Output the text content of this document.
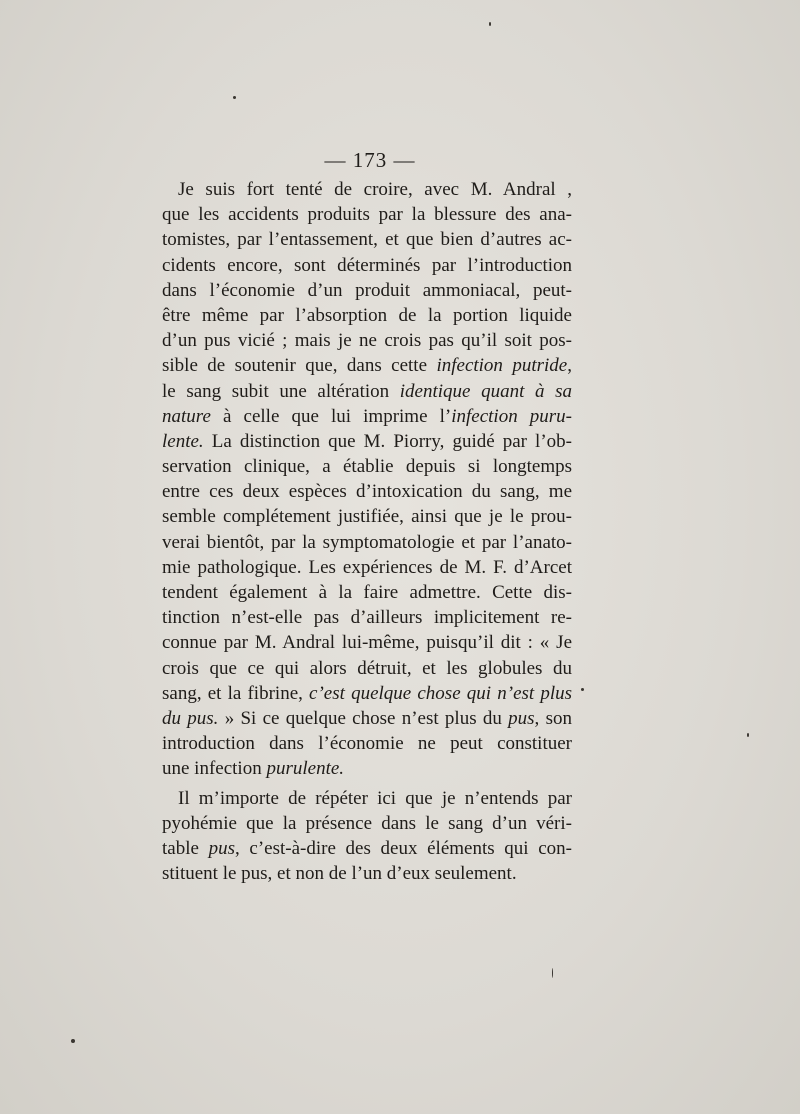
— 173 —
Je suis fort tenté de croire, avec M. Andral ,
que les accidents produits par la blessure des ana-
tomistes, par l’entassement, et que bien d’autres ac-
cidents encore, sont déterminés par l’introduction
dans l’économie d’un produit ammoniacal, peut-
être même par l’absorption de la portion liquide
d’un pus vicié ; mais je ne crois pas qu’il soit pos-
sible de soutenir que, dans cette infection putride,
le sang subit une altération identique quant à sa
nature à celle que lui imprime l’infection puru-
lente. La distinction que M. Piorry, guidé par l’ob-
servation clinique, a établie depuis si longtemps
entre ces deux espèces d’intoxication du sang, me
semble complétement justifiée, ainsi que je le prou-
verai bientôt, par la symptomatologie et par l’anato-
mie pathologique. Les expériences de M. F. d’Arcet
tendent également à la faire admettre. Cette dis-
tinction n’est-elle pas d’ailleurs implicitement re-
connue par M. Andral lui-même, puisqu’il dit : « Je
crois que ce qui alors détruit, et les globules du
sang, et la fibrine, c’est quelque chose qui n’est plus
du pus. » Si ce quelque chose n’est plus du pus, son
introduction dans l’économie ne peut constituer
une infection purulente.
Il m’importe de répéter ici que je n’entends par
pyohémie que la présence dans le sang d’un véri-
table pus, c’est-à-dire des deux éléments qui con-
stituent le pus, et non de l’un d’eux seulement.
